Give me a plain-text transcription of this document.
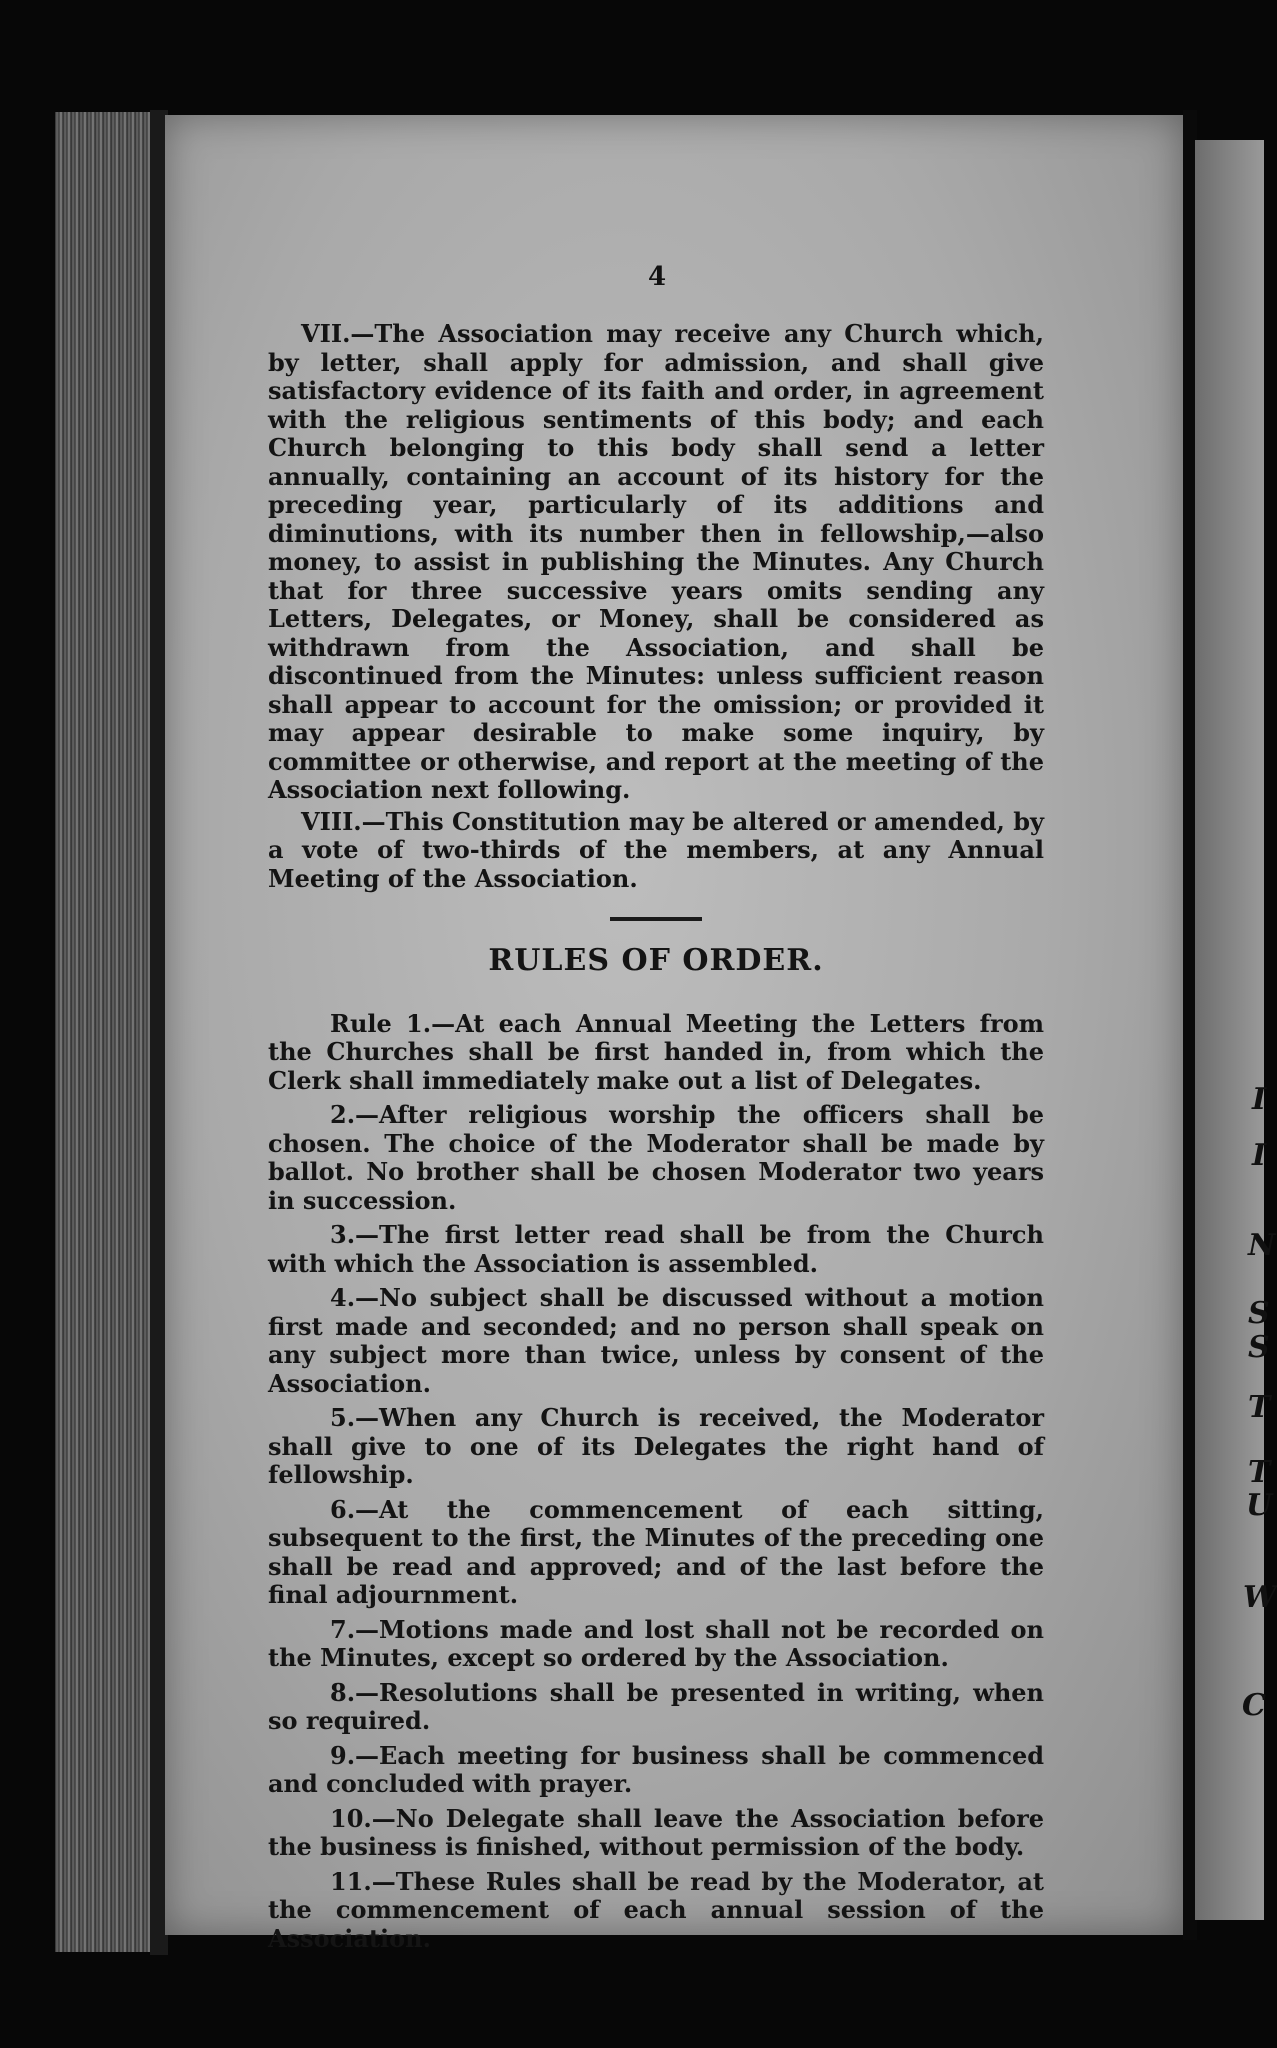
4

VII.—The Association may receive any Church which, by letter, shall apply for admission, and shall give satisfactory evidence of its faith and order, in agreement with the religious sentiments of this body; and each Church belonging to this body shall send a letter annually, containing an account of its history for the preceding year, particularly of its additions and diminutions, with its number then in fellowship,—also money, to assist in publishing the Minutes. Any Church that for three successive years omits sending any Letters, Delegates, or Money, shall be considered as withdrawn from the Association, and shall be discontinued from the Minutes: unless sufficient reason shall appear to account for the omission; or provided it may appear desirable to make some inquiry, by committee or otherwise, and report at the meeting of the Association next following.

VIII.—This Constitution may be altered or amended, by a vote of two-thirds of the members, at any Annual Meeting of the Association.

RULES OF ORDER.

Rule 1.—At each Annual Meeting the Letters from the Churches shall be first handed in, from which the Clerk shall immediately make out a list of Delegates.

2.—After religious worship the officers shall be chosen. The choice of the Moderator shall be made by ballot. No brother shall be chosen Moderator two years in succession.

3.—The first letter read shall be from the Church with which the Association is assembled.

4.—No subject shall be discussed without a motion first made and seconded; and no person shall speak on any subject more than twice, unless by consent of the Association.

5.—When any Church is received, the Moderator shall give to one of its Delegates the right hand of fellowship.

6.—At the commencement of each sitting, subsequent to the first, the Minutes of the preceding one shall be read and approved; and of the last before the final adjournment.

7.—Motions made and lost shall not be recorded on the Minutes, except so ordered by the Association.

8.—Resolutions shall be presented in writing, when so required.

9.—Each meeting for business shall be commenced and concluded with prayer.

10.—No Delegate shall leave the Association before the business is finished, without permission of the body.

11.—These Rules shall be read by the Moderator, at the commencement of each annual session of the Association.

I
I
N
S
S
T
T
U
W
C
